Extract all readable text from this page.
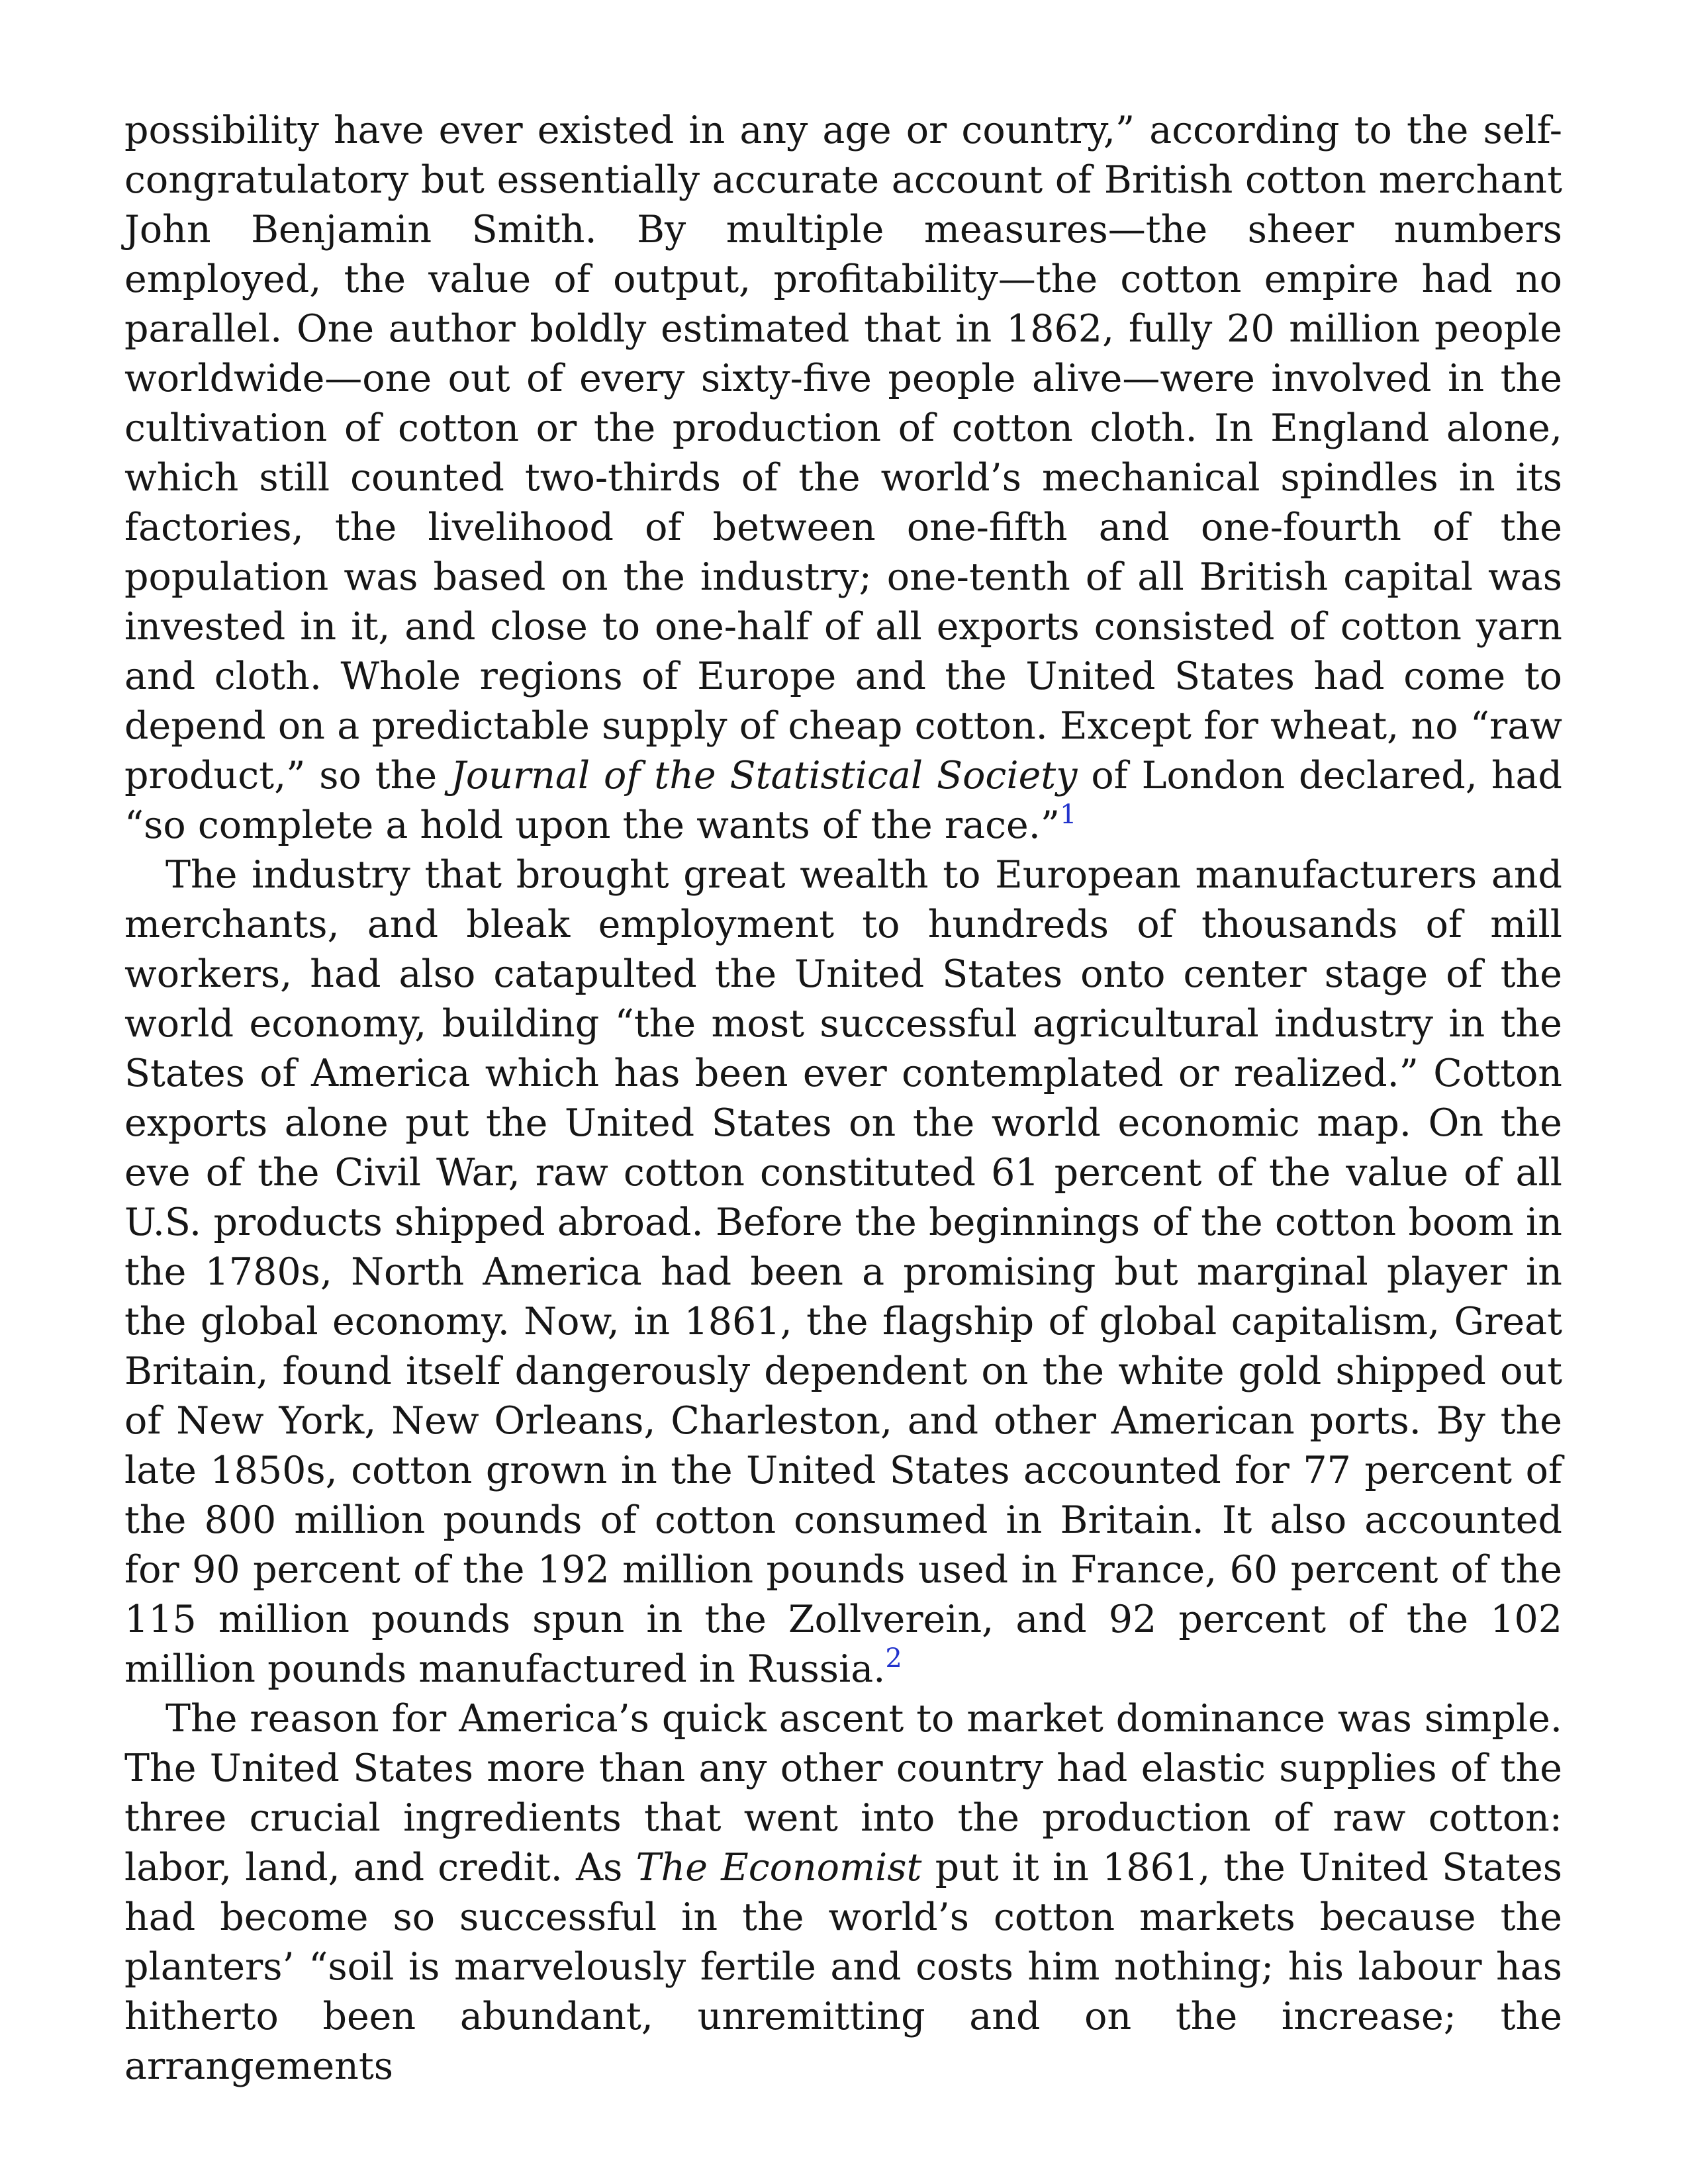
possibility have ever existed in any age or country,” according to the self-congratulatory but essentially accurate account of British cotton merchant John Benjamin Smith. By multiple measures—the sheer numbers employed, the value of output, profitability—the cotton empire had no parallel. One author boldly estimated that in 1862, fully 20 million people worldwide—one out of every sixty-five people alive—were involved in the cultivation of cotton or the production of cotton cloth. In England alone, which still counted two-thirds of the world’s mechanical spindles in its factories, the livelihood of between one-fifth and one-fourth of the population was based on the industry; one-tenth of all British capital was invested in it, and close to one-half of all exports consisted of cotton yarn and cloth. Whole regions of Europe and the United States had come to depend on a predictable supply of cheap cotton. Except for wheat, no “raw product,” so the Journal of the Statistical Society of London declared, had “so complete a hold upon the wants of the race.”$^1$

The industry that brought great wealth to European manufacturers and merchants, and bleak employment to hundreds of thousands of mill workers, had also catapulted the United States onto center stage of the world economy, building “the most successful agricultural industry in the States of America which has been ever contemplated or realized.” Cotton exports alone put the United States on the world economic map. On the eve of the Civil War, raw cotton constituted 61 percent of the value of all U.S. products shipped abroad. Before the beginnings of the cotton boom in the 1780s, North America had been a promising but marginal player in the global economy. Now, in 1861, the flagship of global capitalism, Great Britain, found itself dangerously dependent on the white gold shipped out of New York, New Orleans, Charleston, and other American ports. By the late 1850s, cotton grown in the United States accounted for 77 percent of the 800 million pounds of cotton consumed in Britain. It also accounted for 90 percent of the 192 million pounds used in France, 60 percent of the 115 million pounds spun in the Zollverein, and 92 percent of the 102 million pounds manufactured in Russia.$^2$

The reason for America’s quick ascent to market dominance was simple. The United States more than any other country had elastic supplies of the three crucial ingredients that went into the production of raw cotton: labor, land, and credit. As The Economist put it in 1861, the United States had become so successful in the world’s cotton markets because the planters’ “soil is marvelously fertile and costs him nothing; his labour has hitherto been abundant, unremitting and on the increase; the arrangements
